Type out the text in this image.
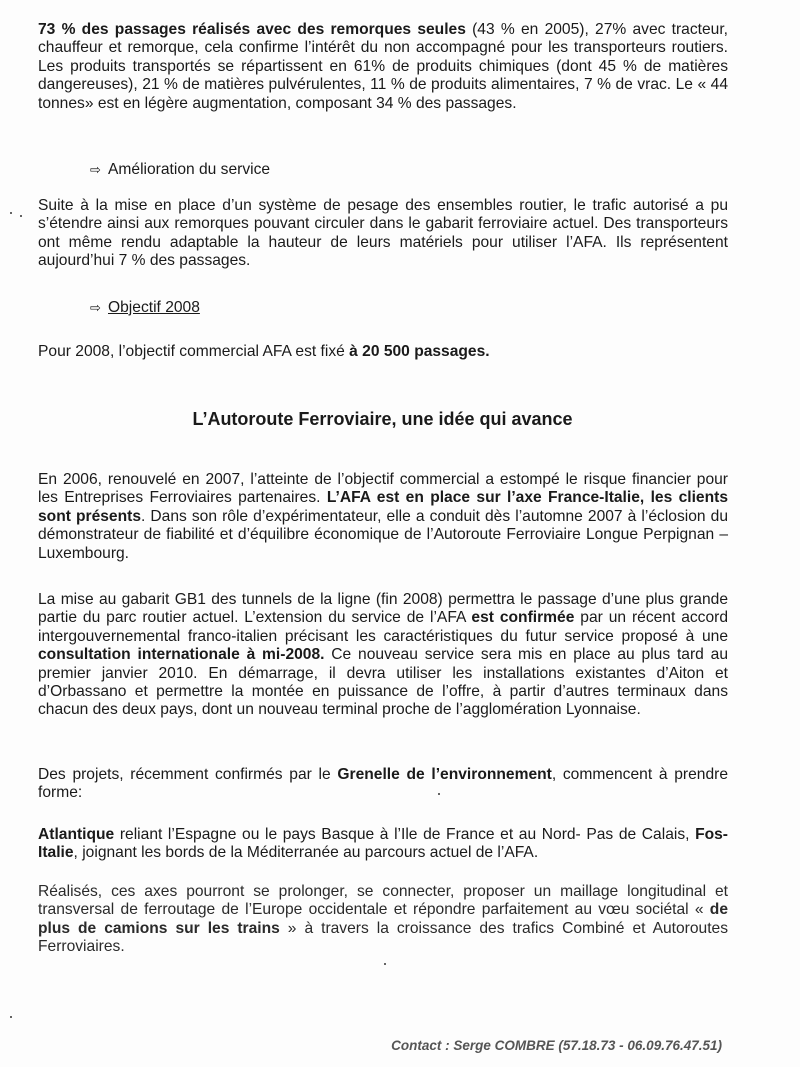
73 % des passages réalisés avec des remorques seules (43 % en 2005), 27% avec tracteur, chauffeur et remorque, cela confirme l’intérêt du non accompagné pour les transporteurs routiers. Les produits transportés se répartissent en 61% de produits chimiques (dont 45 % de matières dangereuses), 21 % de matières pulvérulentes, 11 % de produits alimentaires, 7 % de vrac. Le « 44 tonnes» est en légère augmentation, composant 34 % des passages.

⇨ Amélioration du service

Suite à la mise en place d’un système de pesage des ensembles routier, le trafic autorisé a pu s’étendre ainsi aux remorques pouvant circuler dans le gabarit ferroviaire actuel. Des transporteurs ont même rendu adaptable la hauteur de leurs matériels pour utiliser l’AFA. Ils représentent aujourd’hui 7 % des passages.

⇨ Objectif 2008

Pour 2008, l’objectif commercial AFA est fixé à 20 500 passages.

L’Autoroute Ferroviaire, une idée qui avance

En 2006, renouvelé en 2007, l’atteinte de l’objectif commercial a estompé le risque financier pour les Entreprises Ferroviaires partenaires. L’AFA est en place sur l’axe France-Italie, les clients sont présents. Dans son rôle d’expérimentateur, elle a conduit dès l’automne 2007 à l’éclosion du démonstrateur de fiabilité et d’équilibre économique de l’Autoroute Ferroviaire Longue Perpignan – Luxembourg.

La mise au gabarit GB1 des tunnels de la ligne (fin 2008) permettra le passage d’une plus grande partie du parc routier actuel. L’extension du service de l’AFA est confirmée par un récent accord intergouvernemental franco-italien précisant les caractéristiques du futur service proposé à une consultation internationale à mi-2008. Ce nouveau service sera mis en place au plus tard au premier janvier 2010. En démarrage, il devra utiliser les installations existantes d’Aiton et d’Orbassano et permettre la montée en puissance de l’offre, à partir d’autres terminaux dans chacun des deux pays, dont un nouveau terminal proche de l’agglomération Lyonnaise.

Des projets, récemment confirmés par le Grenelle de l’environnement, commencent à prendre forme:

Atlantique reliant l’Espagne ou le pays Basque à l’Ile de France et au Nord- Pas de Calais, Fos- Italie, joignant les bords de la Méditerranée au parcours actuel de l’AFA.

Réalisés, ces axes pourront se prolonger, se connecter, proposer un maillage longitudinal et transversal de ferroutage de l’Europe occidentale et répondre parfaitement au vœu sociétal « de plus de camions sur les trains » à travers la croissance des trafics Combiné et Autoroutes Ferroviaires.

Contact : Serge COMBRE (57.18.73 - 06.09.76.47.51)
